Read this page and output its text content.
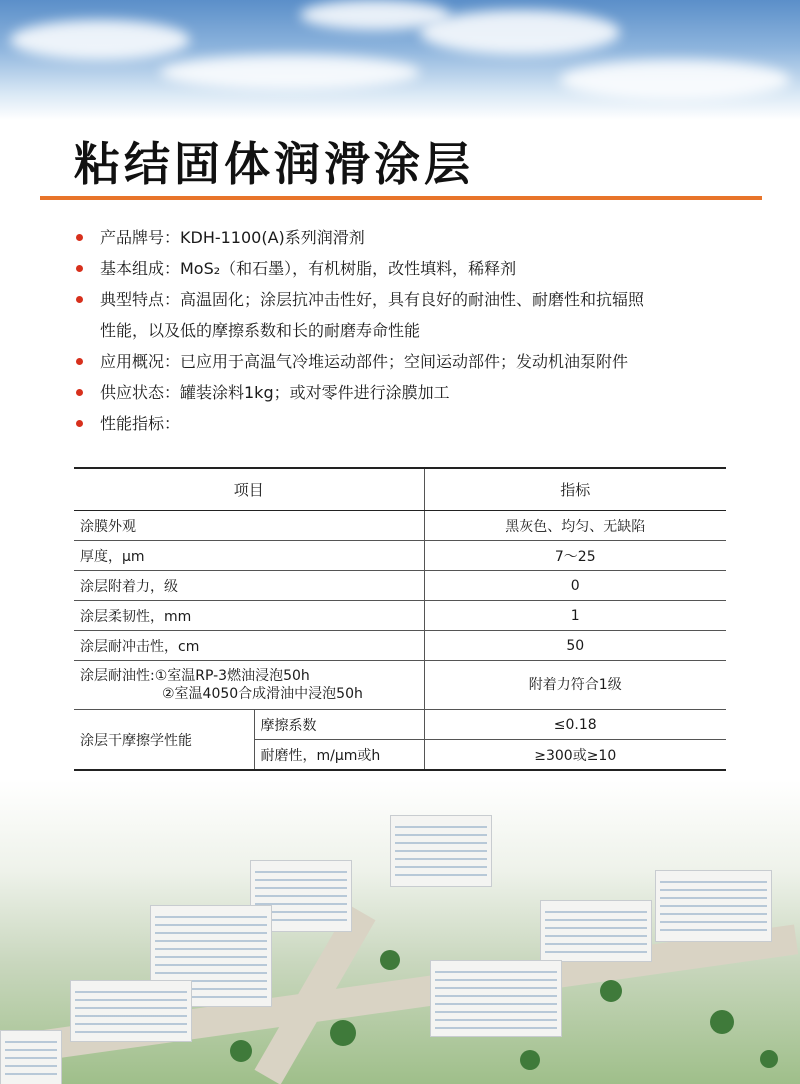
粘结固体润滑涂层
产品牌号：KDH-1100(A)系列润滑剂
基本组成：MoS₂（和石墨），有机树脂，改性填料，稀释剂
典型特点：高温固化；涂层抗冲击性好，具有良好的耐油性、耐磨性和抗辐照
性能，以及低的摩擦系数和长的耐磨寿命性能
应用概况：已应用于高温气冷堆运动部件；空间运动部件；发动机油泵附件
供应状态：罐装涂料1kg；或对零件进行涂膜加工
性能指标：
项目		指标
涂膜外观		黑灰色、均匀、无缺陷
厚度，μm		7～25
涂层附着力，级		0
涂层柔韧性，mm		1
涂层耐冲击性，cm		50

涂层耐油性:①室温RP-3燃油浸泡50h
②室温4050合成滑油中浸泡50h		附着力符合1级
涂层干摩擦学性能	摩擦系数	≤0.18
	耐磨性，m/μm或h	≥300或≥10
